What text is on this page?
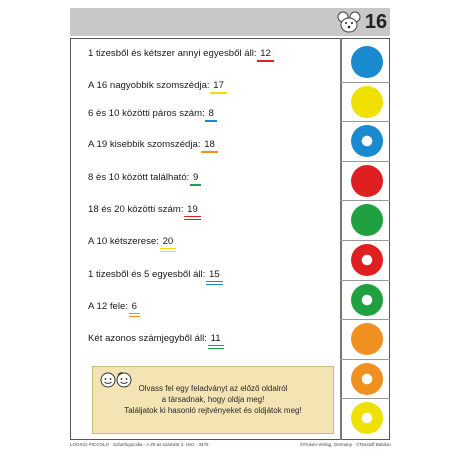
16
1 tizesből és kétszer annyi egyesből áll: 12
A 16 nagyobbik szomszédja: 17
6 és 10 közötti páros szám: 8
A 19 kisebbik szomszédja: 18
8 és 10 között található: 9
18 és 20 közötti szám: 19
A 10 kétszerese: 20
1 tizesből és 5 egyesből áll: 15
A 12 fele: 6
Két azonos számjegyből áll: 11
Olvass fel egy feladványt az előző oldalról
a társadnak, hogy oldja meg!
Találjatok ki hasonló rejtvényeket és oldjátok meg!
LOGICO PICCOLO · Számfogócska · A 20-as számkör 2. rész · 3476	©Finken-Verlag, Germany · ©Tessloff Babilon
